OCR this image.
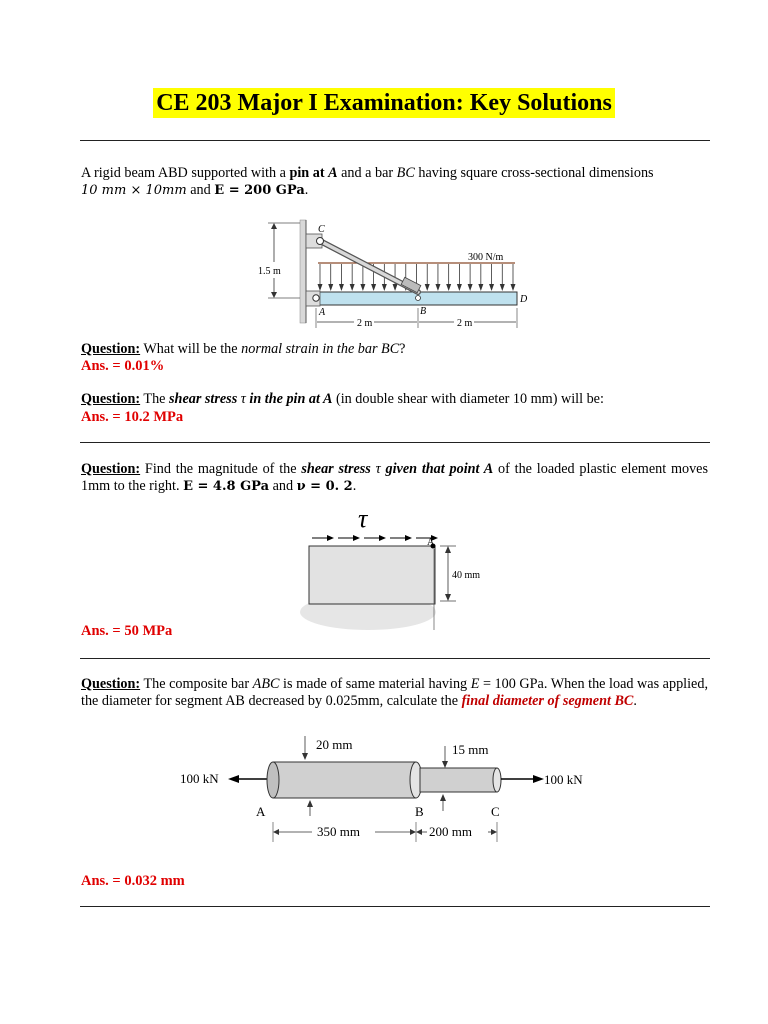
CE 203 Major I Examination: Key Solutions
A rigid beam ABD supported with a pin at A and a bar BC having square cross-sectional dimensions
10 mm × 10mm and E = 200 GPa.
1.5 m
300 N/m
C
A	B
D
2 m	2 m
Question: What will be the normal strain in the bar BC?
Ans. = 0.01%
Question: The shear stress τ in the pin at A (in double shear with diameter 10 mm) will be:
Ans. = 10.2 MPa
Question: Find the magnitude of the shear stress τ given that point A of the loaded plastic element moves 1mm to the right. E = 4.8 GPa and ν = 0. 2.
τ
A
40 mm
Ans. = 50 MPa
Question: The composite bar ABC is made of same material having E = 100 GPa. When the load was applied, the diameter for segment AB decreased by 0.025mm, calculate the final diameter of segment BC.
20 mm	15 mm
100 kN	100 kN
A	B	C
350 mm	200 mm
Ans. = 0.032 mm
